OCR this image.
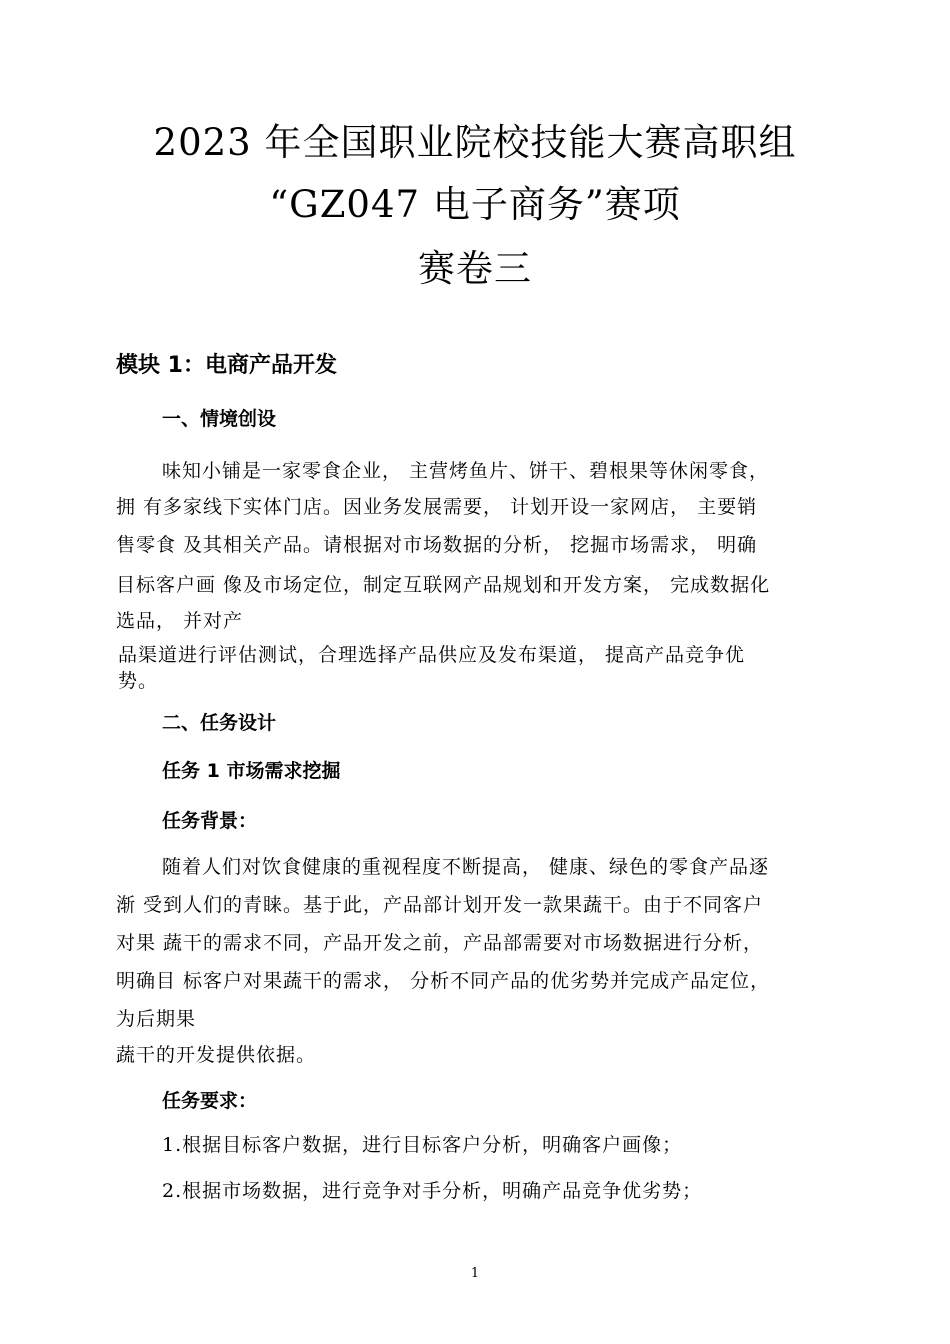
2023 年全国职业院校技能大赛高职组
“GZ047 电子商务”赛项
赛卷三
模块 1：电商产品开发
一、情境创设
味知小铺是一家零食企业， 主营烤鱼片、饼干、碧根果等休闲零食，
拥 有多家线下实体门店。因业务发展需要， 计划开设一家网店， 主要销
售零食 及其相关产品。请根据对市场数据的分析， 挖掘市场需求， 明确
目标客户画 像及市场定位，制定互联网产品规划和开发方案， 完成数据化
选品， 并对产
品渠道进行评估测试，合理选择产品供应及发布渠道， 提高产品竞争优
势。
二、任务设计
任务 1 市场需求挖掘
任务背景：
随着人们对饮食健康的重视程度不断提高， 健康、绿色的零食产品逐
渐 受到人们的青睐。基于此，产品部计划开发一款果蔬干。由于不同客户
对果 蔬干的需求不同，产品开发之前，产品部需要对市场数据进行分析，
明确目 标客户对果蔬干的需求， 分析不同产品的优劣势并完成产品定位，
为后期果
蔬干的开发提供依据。
任务要求：
1.根据目标客户数据，进行目标客户分析，明确客户画像；
2.根据市场数据，进行竞争对手分析，明确产品竞争优劣势；
1
